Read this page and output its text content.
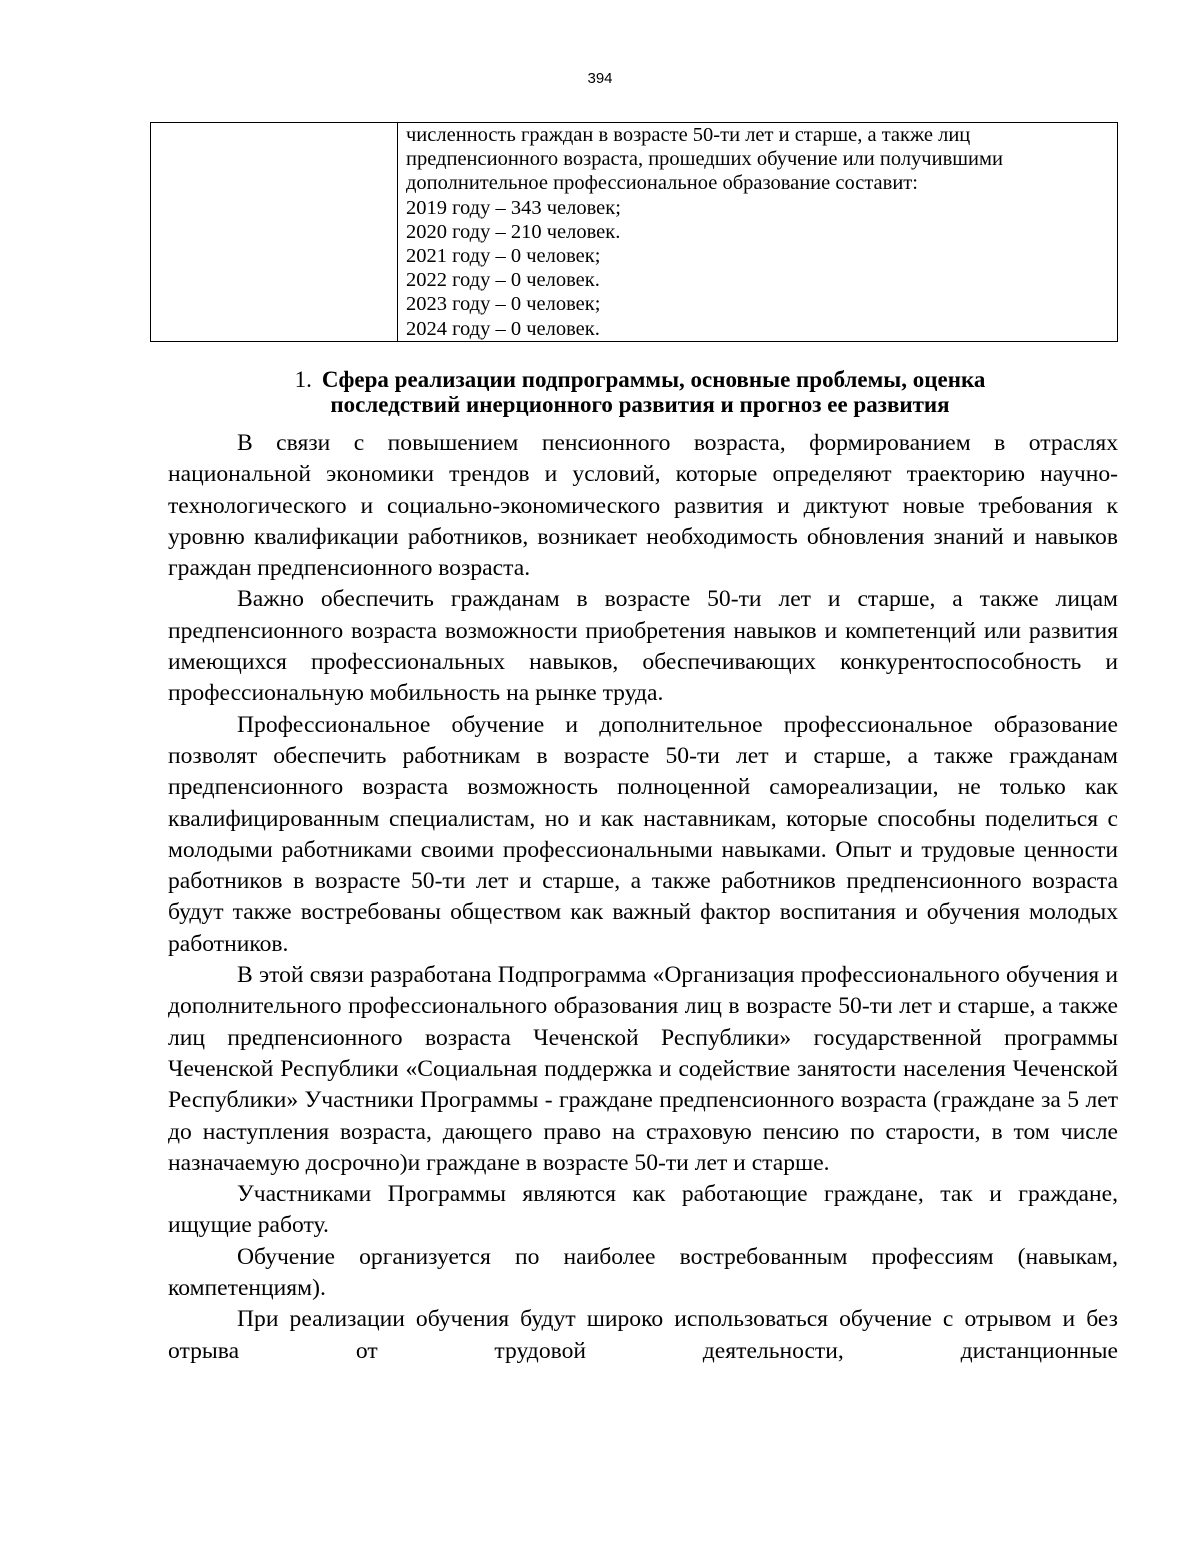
394

численность граждан в возрасте 50-ти лет и старше, а также лиц
предпенсионного возраста, прошедших обучение или получившими
дополнительное профессиональное образование составит:
2019 году – 343 человек;
2020 году – 210 человек.
2021 году – 0 человек;
2022 году – 0 человек.
2023 году – 0 человек;
2024 году – 0 человек.
1. Сфера реализации подпрограммы, основные проблемы, оценка
последствий инерционного развития и прогноз ее развития

В связи с повышением пенсионного возраста, формированием в отраслях национальной экономики трендов и условий, которые определяют траекторию научно-технологического и социально-экономического развития и диктуют новые требования к уровню квалификации работников, возникает необходимость обновления знаний и навыков граждан предпенсионного возраста.

Важно обеспечить гражданам в возрасте 50-ти лет и старше, а также лицам предпенсионного возраста возможности приобретения навыков и компетенций или развития имеющихся профессиональных навыков, обеспечивающих конкурентоспособность и профессиональную мобильность на рынке труда.

Профессиональное обучение и дополнительное профессиональное образование позволят обеспечить работникам в возрасте 50-ти лет и старше, а также гражданам предпенсионного возраста возможность полноценной самореализации, не только как квалифицированным специалистам, но и как наставникам, которые способны поделиться с молодыми работниками своими профессиональными навыками. Опыт и трудовые ценности работников в возрасте 50-ти лет и старше, а также работников предпенсионного возраста будут также востребованы обществом как важный фактор воспитания и обучения молодых работников.

В этой связи разработана Подпрограмма «Организация профессионального обучения и дополнительного профессионального образования лиц в возрасте 50-ти лет и старше, а также лиц предпенсионного возраста Чеченской Республики» государственной программы Чеченской Республики «Социальная поддержка и содействие занятости населения Чеченской Республики» Участники Программы - граждане предпенсионного возраста (граждане за 5 лет до наступления возраста, дающего право на страховую пенсию по старости, в том числе назначаемую досрочно)и граждане в возрасте 50-ти лет и старше.

Участниками Программы являются как работающие граждане, так и граждане, ищущие работу.

Обучение организуется по наиболее востребованным профессиям (навыкам, компетенциям).

При реализации обучения будут широко использоваться обучение с отрывом и без отрыва от трудовой деятельности, дистанционные
